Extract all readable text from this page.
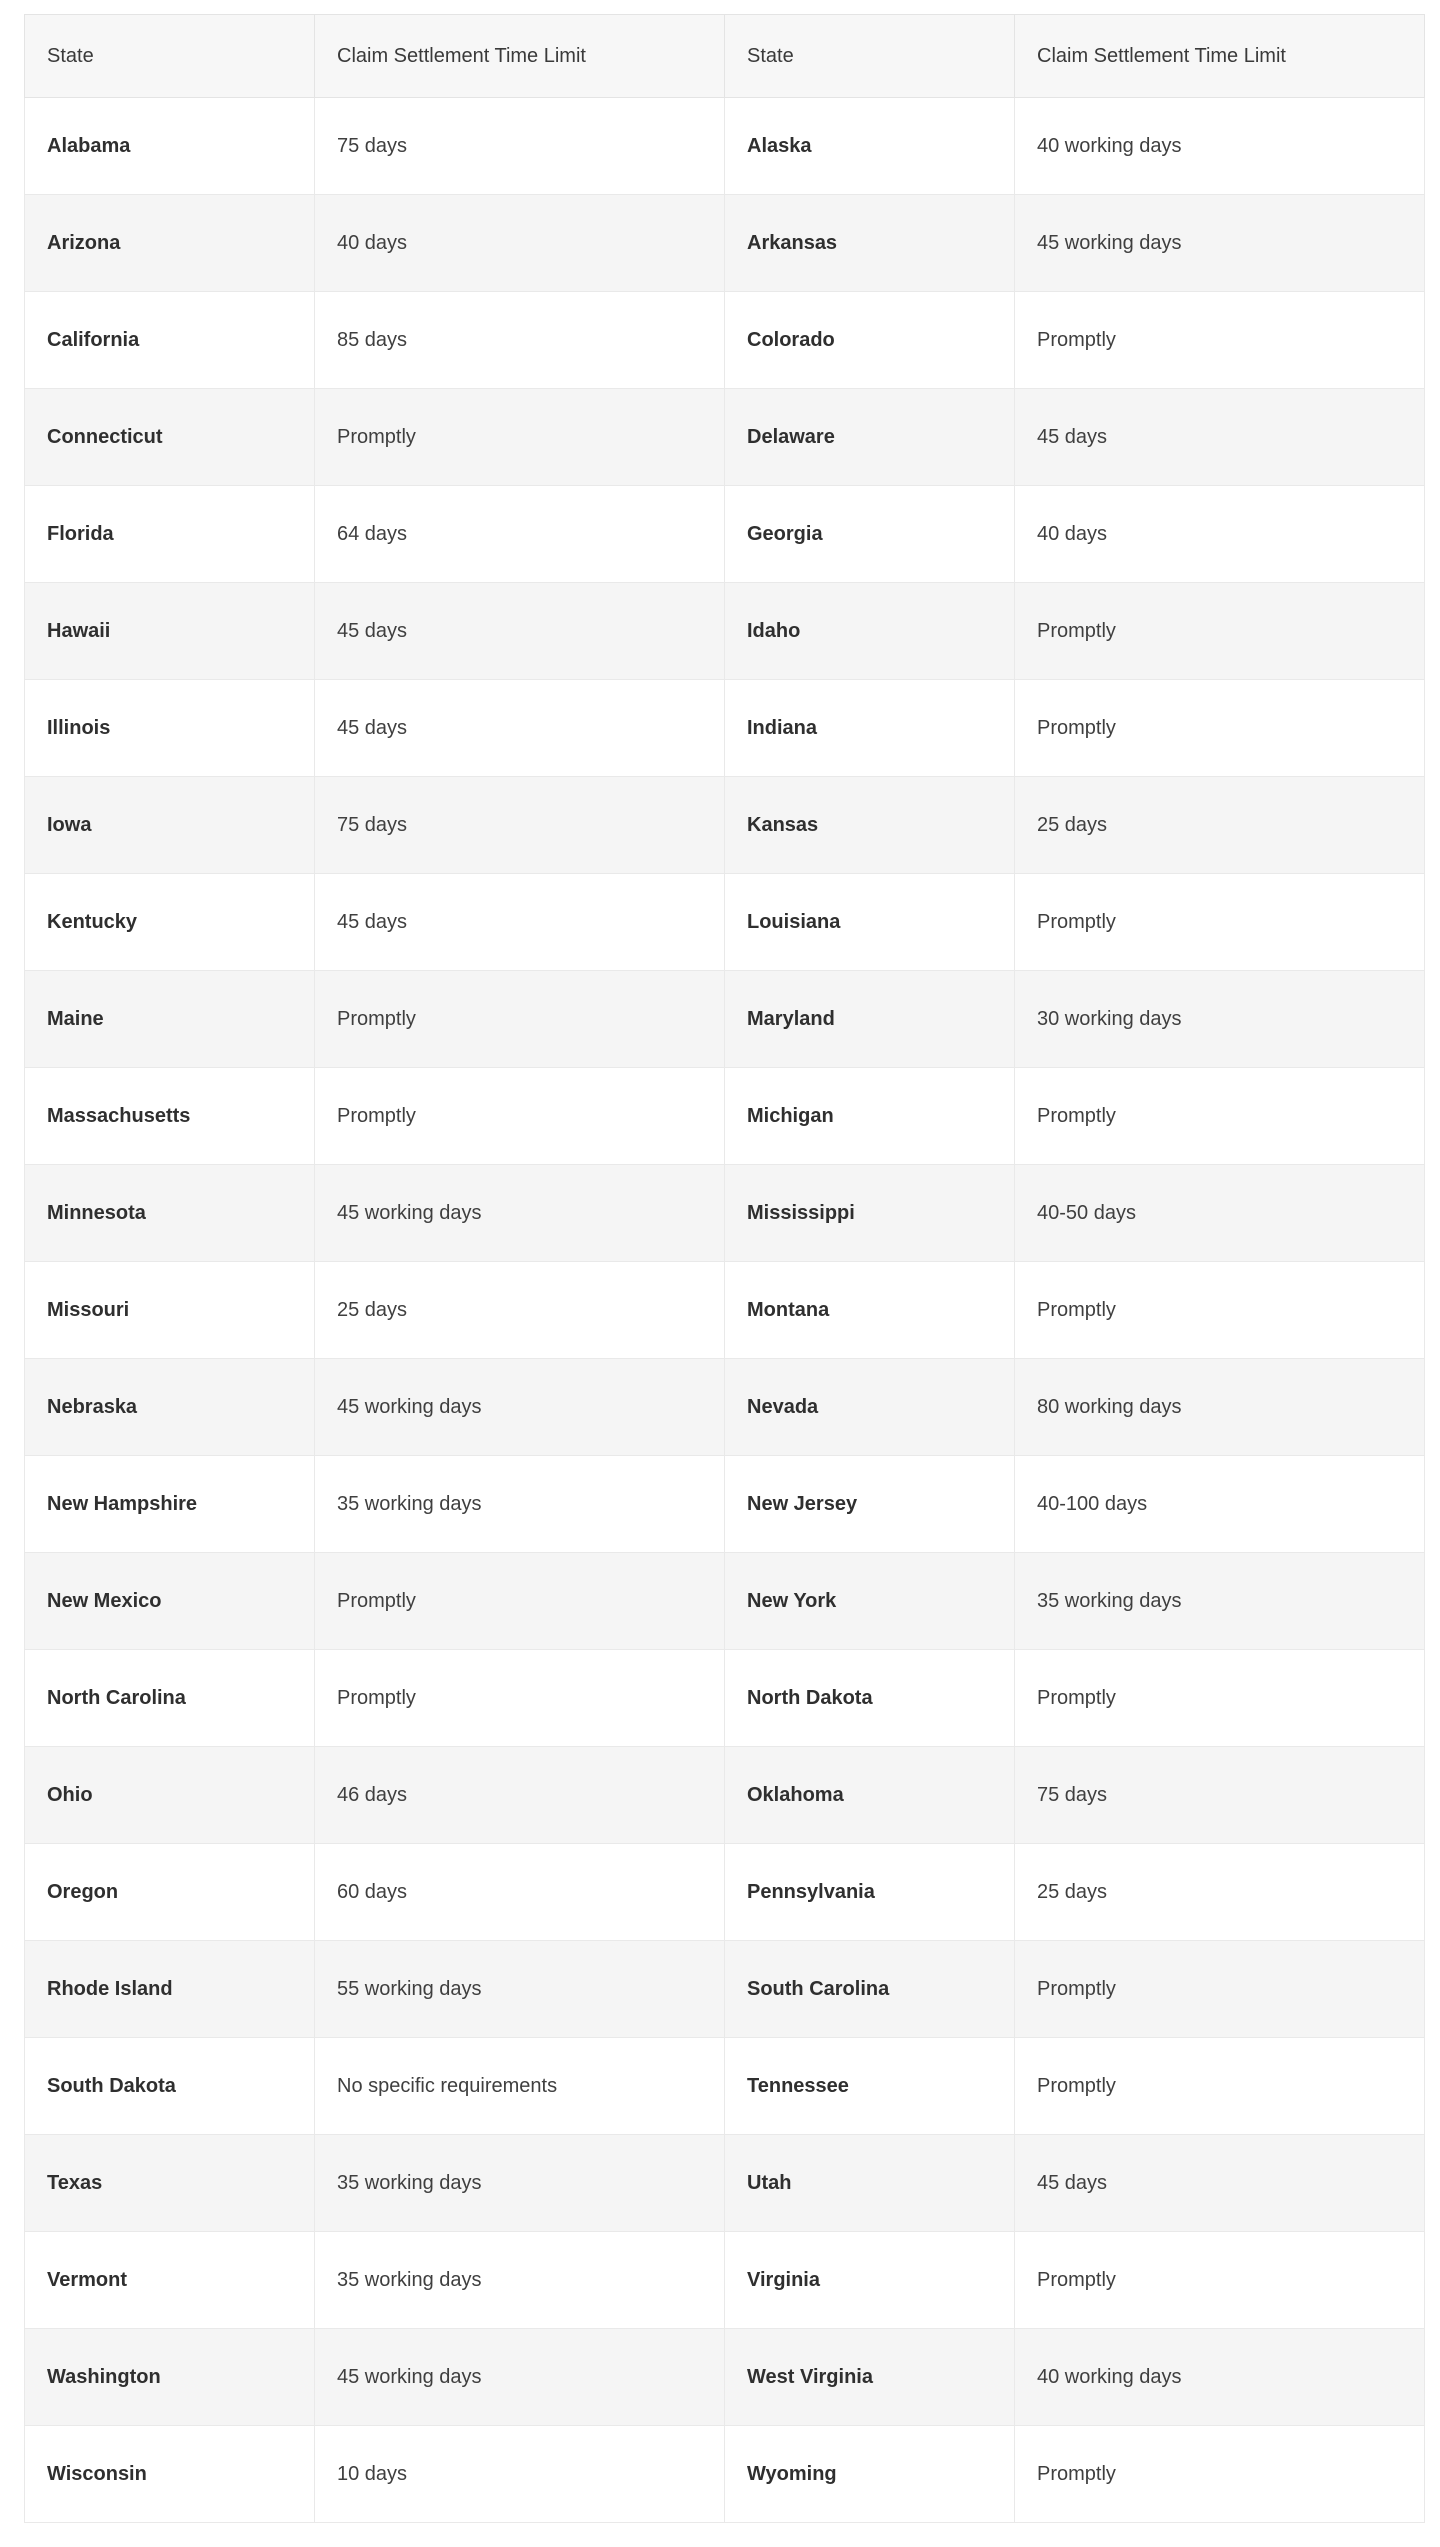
State	Claim Settlement Time Limit	State	Claim Settlement Time Limit
Alabama	75 days	Alaska	40 working days
Arizona	40 days	Arkansas	45 working days
California	85 days	Colorado	Promptly
Connecticut	Promptly	Delaware	45 days
Florida	64 days	Georgia	40 days
Hawaii	45 days	Idaho	Promptly
Illinois	45 days	Indiana	Promptly
Iowa	75 days	Kansas	25 days
Kentucky	45 days	Louisiana	Promptly
Maine	Promptly	Maryland	30 working days
Massachusetts	Promptly	Michigan	Promptly
Minnesota	45 working days	Mississippi	40-50 days
Missouri	25 days	Montana	Promptly
Nebraska	45 working days	Nevada	80 working days
New Hampshire	35 working days	New Jersey	40-100 days
New Mexico	Promptly	New York	35 working days
North Carolina	Promptly	North Dakota	Promptly
Ohio	46 days	Oklahoma	75 days
Oregon	60 days	Pennsylvania	25 days
Rhode Island	55 working days	South Carolina	Promptly
South Dakota	No specific requirements	Tennessee	Promptly
Texas	35 working days	Utah	45 days
Vermont	35 working days	Virginia	Promptly
Washington	45 working days	West Virginia	40 working days
Wisconsin	10 days	Wyoming	Promptly
